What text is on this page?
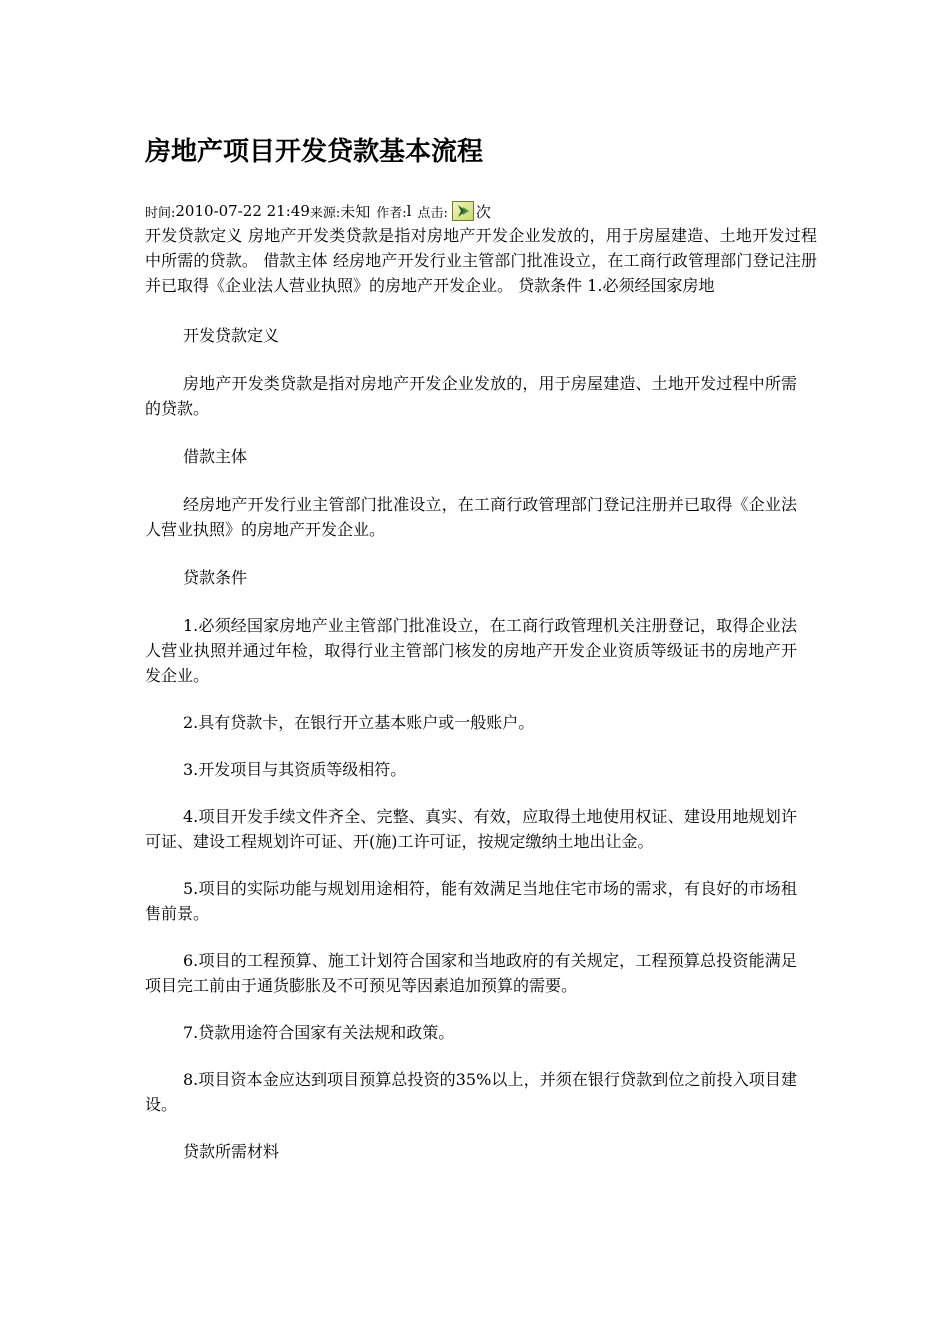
房地产项目开发贷款基本流程
时间: 2010-07-22 21:49 来源: 未知 作者: l 点击: 次

开发贷款定义 房地产开发类贷款是指对房地产开发企业发放的，用于房屋建造、土地开发过程中所需的贷款。 借款主体 经房地产开发行业主管部门批准设立，在工商行政管理部门登记注册并已取得《企业法人营业执照》的房地产开发企业。 贷款条件 1.必须经国家房地

开发贷款定义

房地产开发类贷款是指对房地产开发企业发放的，用于房屋建造、土地开发过程中所需的贷款。

借款主体

经房地产开发行业主管部门批准设立，在工商行政管理部门登记注册并已取得《企业法人营业执照》的房地产开发企业。

贷款条件

1.必须经国家房地产业主管部门批准设立，在工商行政管理机关注册登记，取得企业法人营业执照并通过年检，取得行业主管部门核发的房地产开发企业资质等级证书的房地产开发企业。

2.具有贷款卡，在银行开立基本账户或一般账户。

3.开发项目与其资质等级相符。

4.项目开发手续文件齐全、完整、真实、有效，应取得土地使用权证、建设用地规划许可证、建设工程规划许可证、开(施)工许可证，按规定缴纳土地出让金。

5.项目的实际功能与规划用途相符，能有效满足当地住宅市场的需求，有良好的市场租售前景。

6.项目的工程预算、施工计划符合国家和当地政府的有关规定，工程预算总投资能满足项目完工前由于通货膨胀及不可预见等因素追加预算的需要。

7.贷款用途符合国家有关法规和政策。

8.项目资本金应达到项目预算总投资的35%以上，并须在银行贷款到位之前投入项目建设。

贷款所需材料
